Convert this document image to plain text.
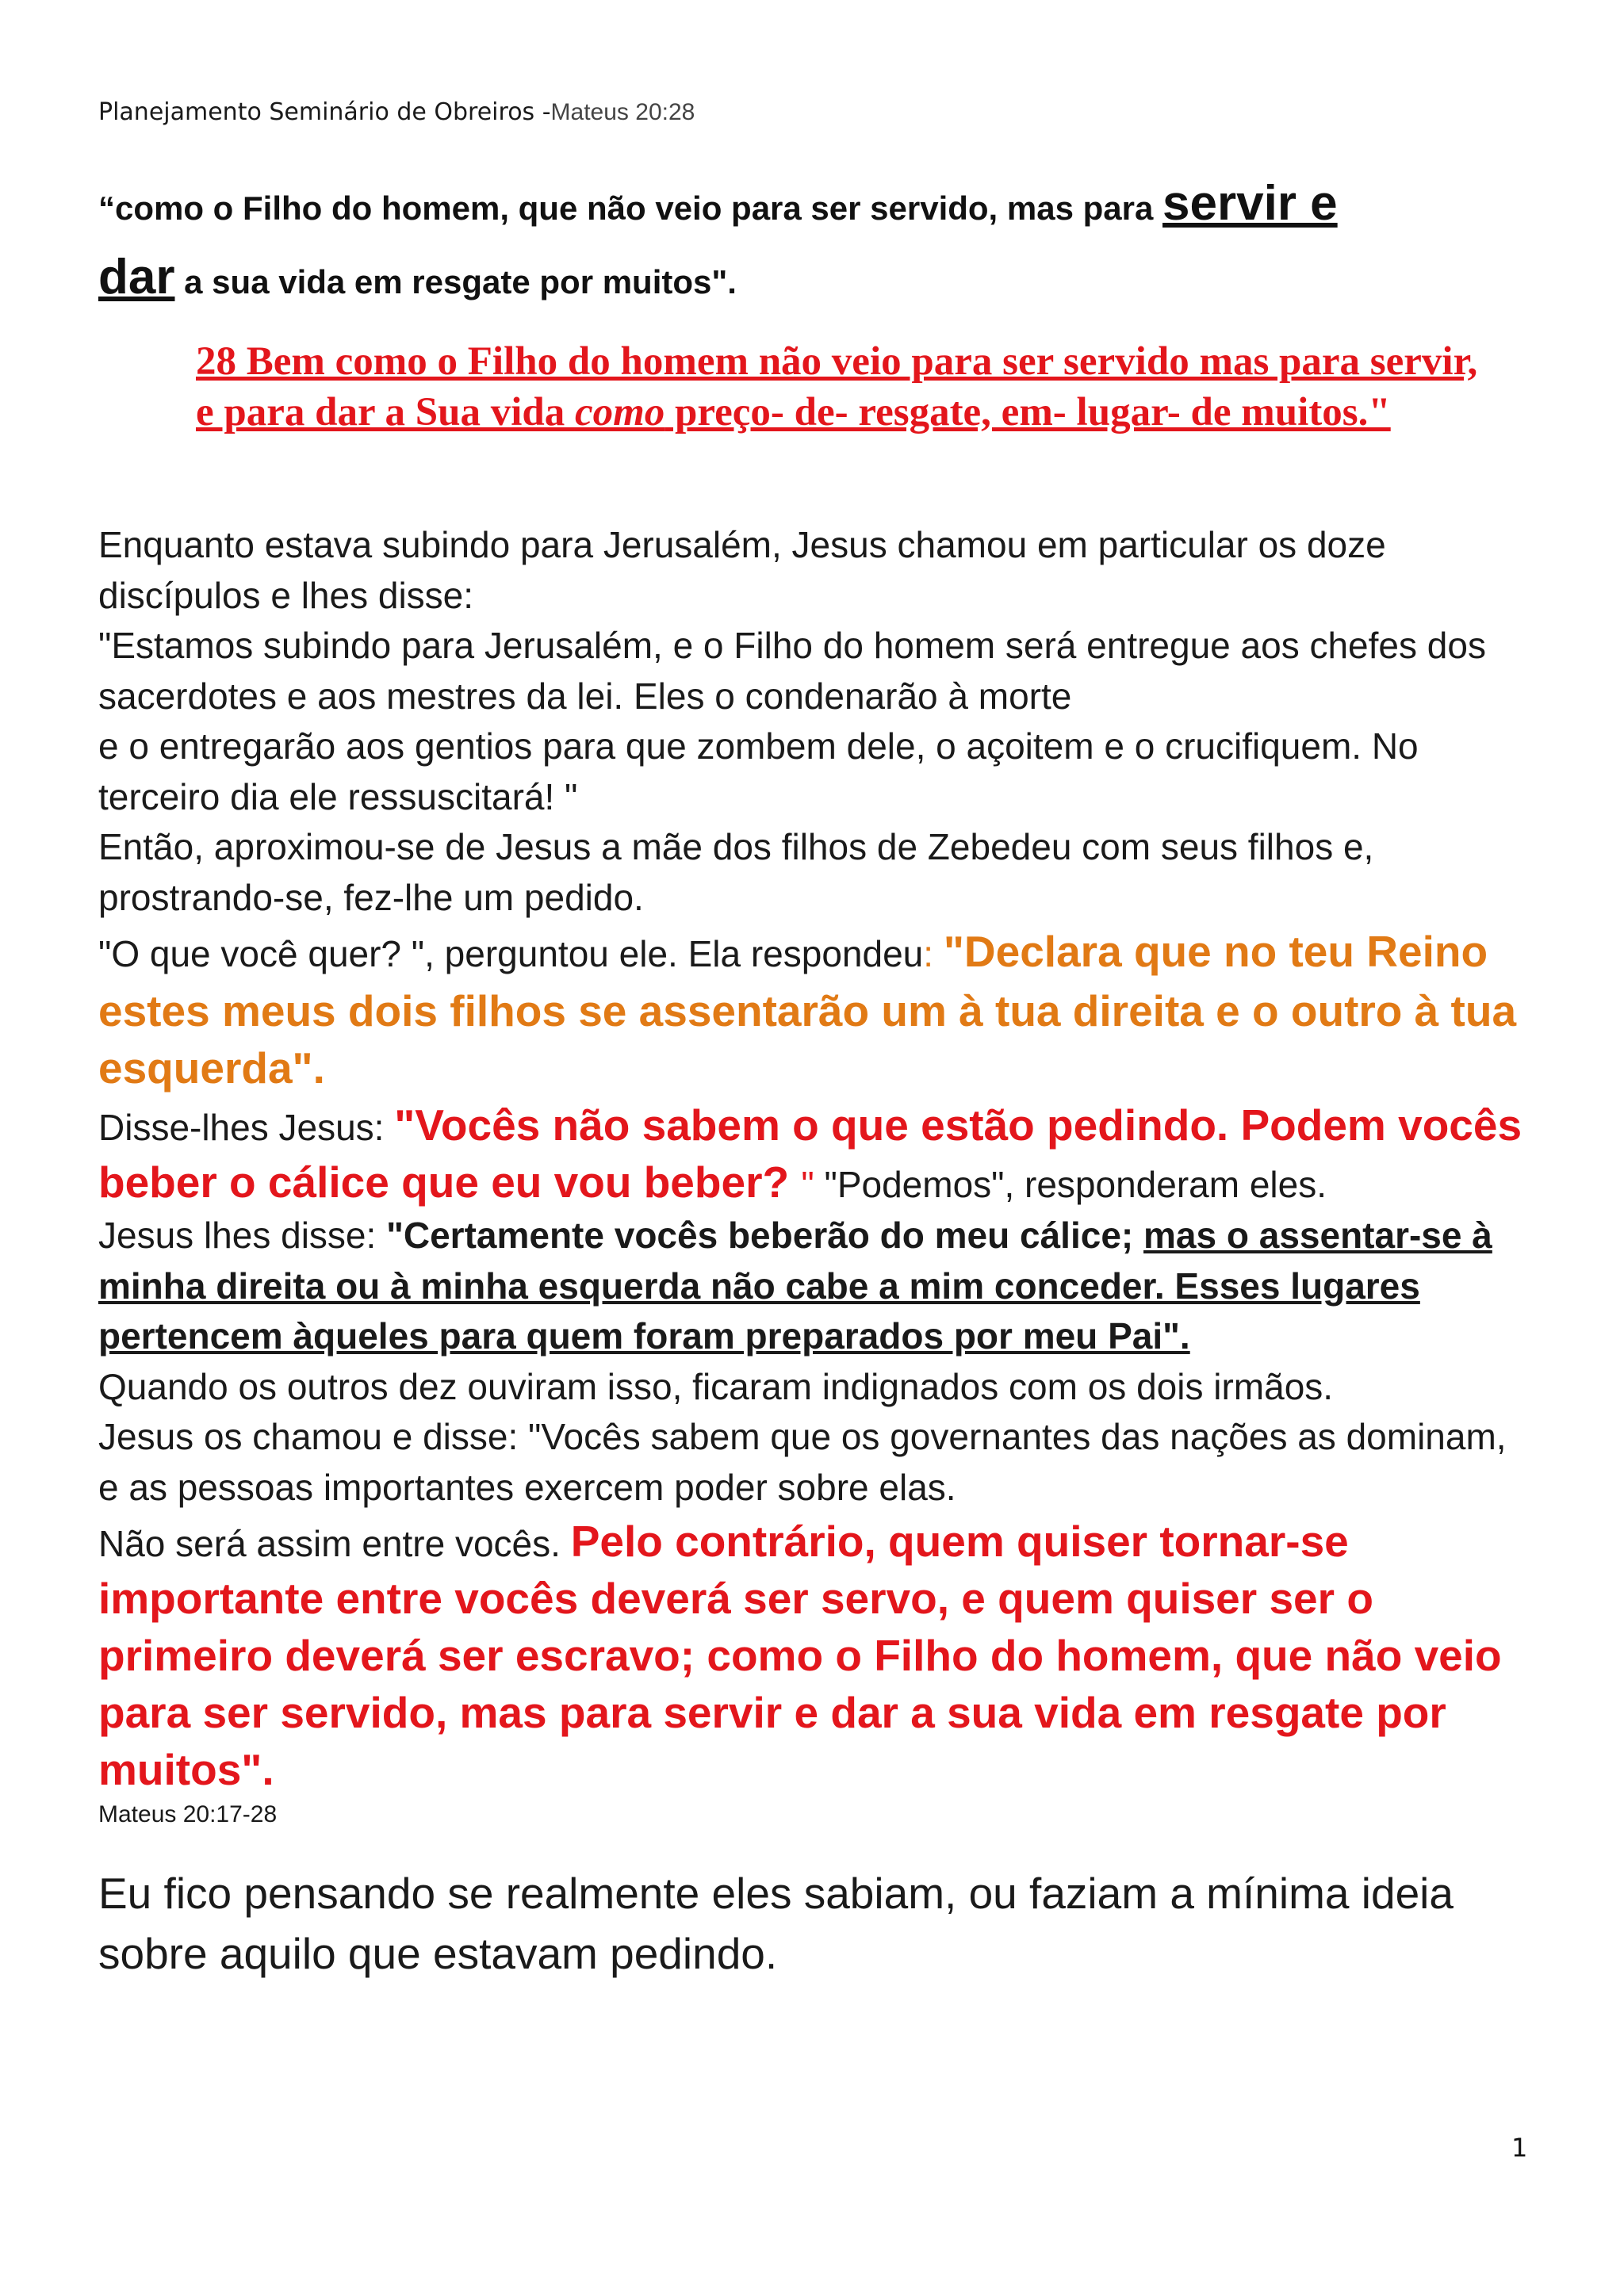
Planejamento Seminário de Obreiros -Mateus 20:28
“como o Filho do homem, que não veio para ser servido, mas para servir e
dar a sua vida em resgate por muitos".
28 Bem como o Filho do homem não veio para ser servido mas para servir, e para dar a Sua vida como preço- de- resgate, em- lugar- de muitos."
Enquanto estava subindo para Jerusalém, Jesus chamou em particular os doze discípulos e lhes disse:
"Estamos subindo para Jerusalém, e o Filho do homem será entregue aos chefes dos sacerdotes e aos mestres da lei. Eles o condenarão à morte
e o entregarão aos gentios para que zombem dele, o açoitem e o crucifiquem. No terceiro dia ele ressuscitará! "
Então, aproximou-se de Jesus a mãe dos filhos de Zebedeu com seus filhos e, prostrando-se, fez-lhe um pedido.
"O que você quer? ", perguntou ele. Ela respondeu: "Declara que no teu Reino estes meus dois filhos se assentarão um à tua direita e o outro à tua esquerda".
Disse-lhes Jesus: "Vocês não sabem o que estão pedindo. Podem vocês beber o cálice que eu vou beber? " "Podemos", responderam eles.
Jesus lhes disse: "Certamente vocês beberão do meu cálice; mas o assentar-se à minha direita ou à minha esquerda não cabe a mim conceder. Esses lugares pertencem àqueles para quem foram preparados por meu Pai".
Quando os outros dez ouviram isso, ficaram indignados com os dois irmãos.
Jesus os chamou e disse: "Vocês sabem que os governantes das nações as dominam, e as pessoas importantes exercem poder sobre elas.
Não será assim entre vocês. Pelo contrário, quem quiser tornar-se importante entre vocês deverá ser servo, e quem quiser ser o primeiro deverá ser escravo; como o Filho do homem, que não veio para ser servido, mas para servir e dar a sua vida em resgate por muitos".
Mateus 20:17-28
Eu fico pensando se realmente eles sabiam, ou faziam a mínima ideia sobre aquilo que estavam pedindo.
1
